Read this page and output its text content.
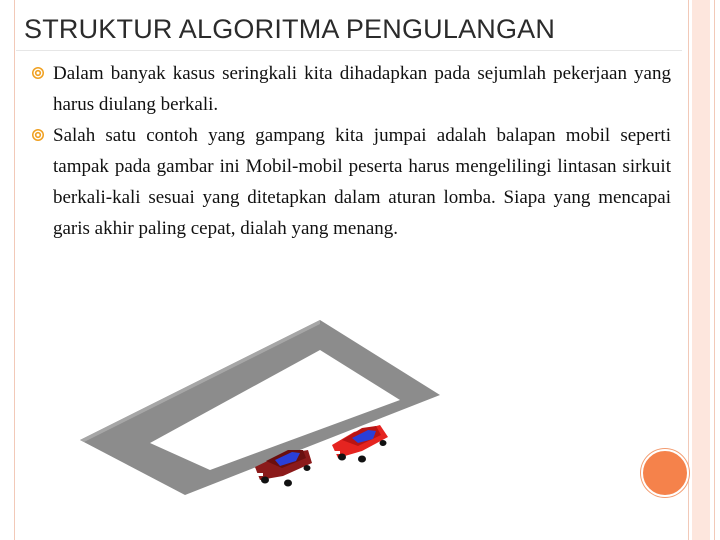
STRUKTUR ALGORITMA PENGULANGAN
Dalam banyak kasus seringkali kita dihadapkan pada sejumlah pekerjaan yang harus diulang berkali.
Salah satu contoh yang gampang kita jumpai adalah balapan mobil seperti tampak pada gambar ini Mobil-mobil peserta harus mengelilingi lintasan sirkuit berkali-kali sesuai yang ditetapkan dalam aturan lomba. Siapa yang mencapai garis akhir paling cepat, dialah yang menang.
